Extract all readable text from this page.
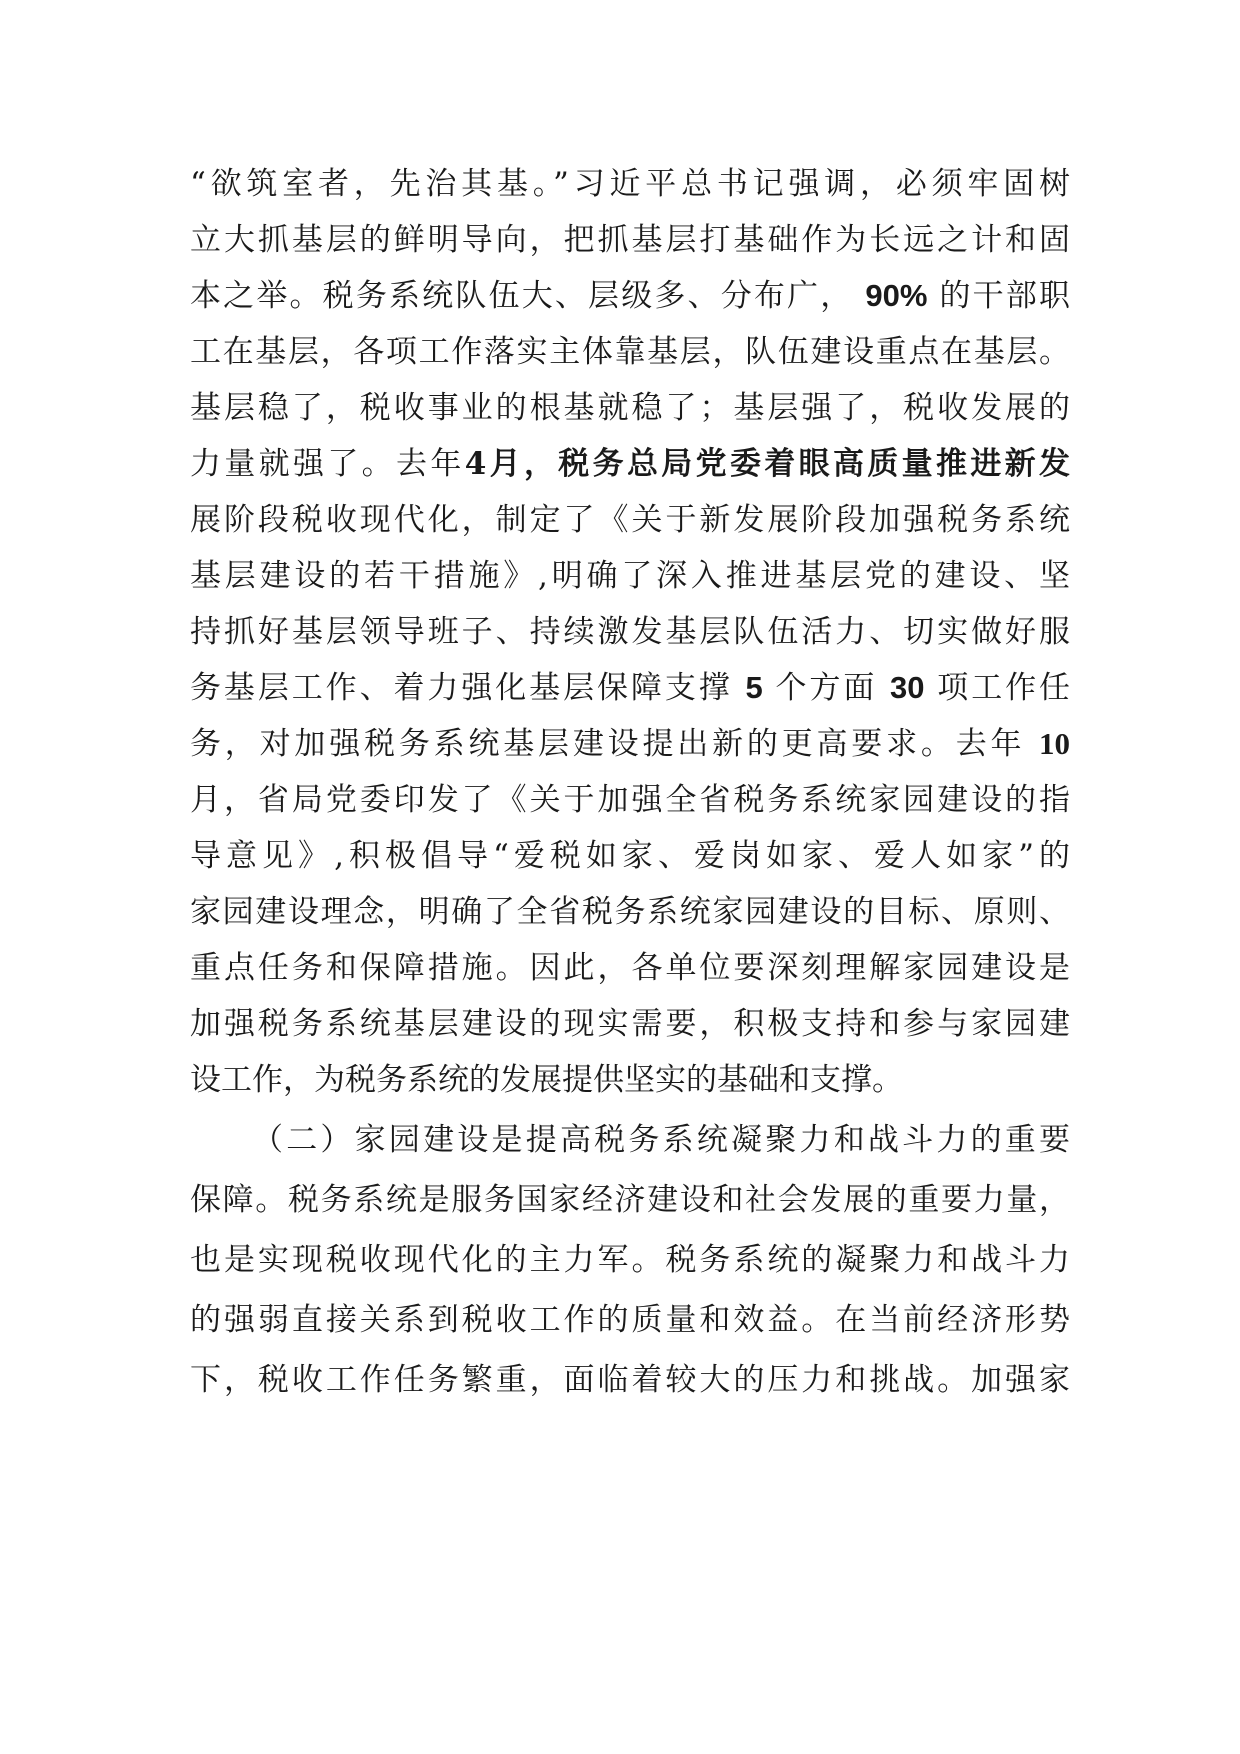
“欲筑室者，先治其基。”习近平总书记强调，必须牢固树
立大抓基层的鲜明导向，把抓基层打基础作为长远之计和固
本之举。税务系统队伍大、层级多、分布广， 90% 的干部职
工在基层，各项工作落实主体靠基层，队伍建设重点在基层。
基层稳了，税收事业的根基就稳了；基层强了，税收发展的
力量就强了。去年4月，税务总局党委着眼高质量推进新发
展阶段税收现代化，制定了《关于新发展阶段加强税务系统
基层建设的若干措施》,明确了深入推进基层党的建设、坚
持抓好基层领导班子、持续激发基层队伍活力、切实做好服
务基层工作、着力强化基层保障支撑 5 个方面 30 项工作任
务，对加强税务系统基层建设提出新的更高要求。去年 10
月，省局党委印发了《关于加强全省税务系统家园建设的指
导意见》,积极倡导“爱税如家、爱岗如家、爱人如家”的
家园建设理念，明确了全省税务系统家园建设的目标、原则、
重点任务和保障措施。因此，各单位要深刻理解家园建设是
加强税务系统基层建设的现实需要，积极支持和参与家园建
设工作，为税务系统的发展提供坚实的基础和支撑。
（二）家园建设是提高税务系统凝聚力和战斗力的重要
保障。税务系统是服务国家经济建设和社会发展的重要力量，
也是实现税收现代化的主力军。税务系统的凝聚力和战斗力
的强弱直接关系到税收工作的质量和效益。在当前经济形势
下，税收工作任务繁重，面临着较大的压力和挑战。加强家
